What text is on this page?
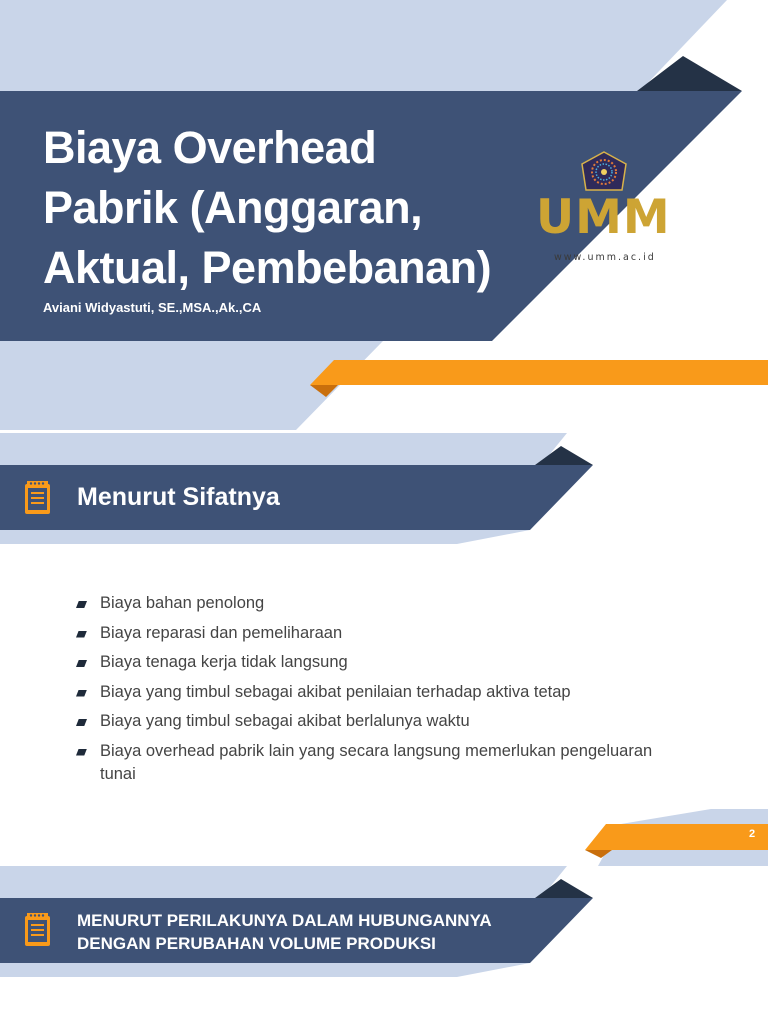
Biaya Overhead Pabrik (Anggaran, Aktual, Pembebanan)
Aviani Widyastuti, SE.,MSA.,Ak.,CA
UMM
www.umm.ac.id
Menurut Sifatnya
Biaya bahan penolong
Biaya reparasi dan pemeliharaan
Biaya tenaga kerja tidak langsung
Biaya yang timbul sebagai akibat penilaian terhadap aktiva tetap
Biaya yang timbul sebagai akibat berlalunya waktu
Biaya overhead pabrik lain yang secara langsung memerlukan pengeluaran tunai
2
MENURUT PERILAKUNYA DALAM HUBUNGANNYA DENGAN PERUBAHAN VOLUME PRODUKSI
